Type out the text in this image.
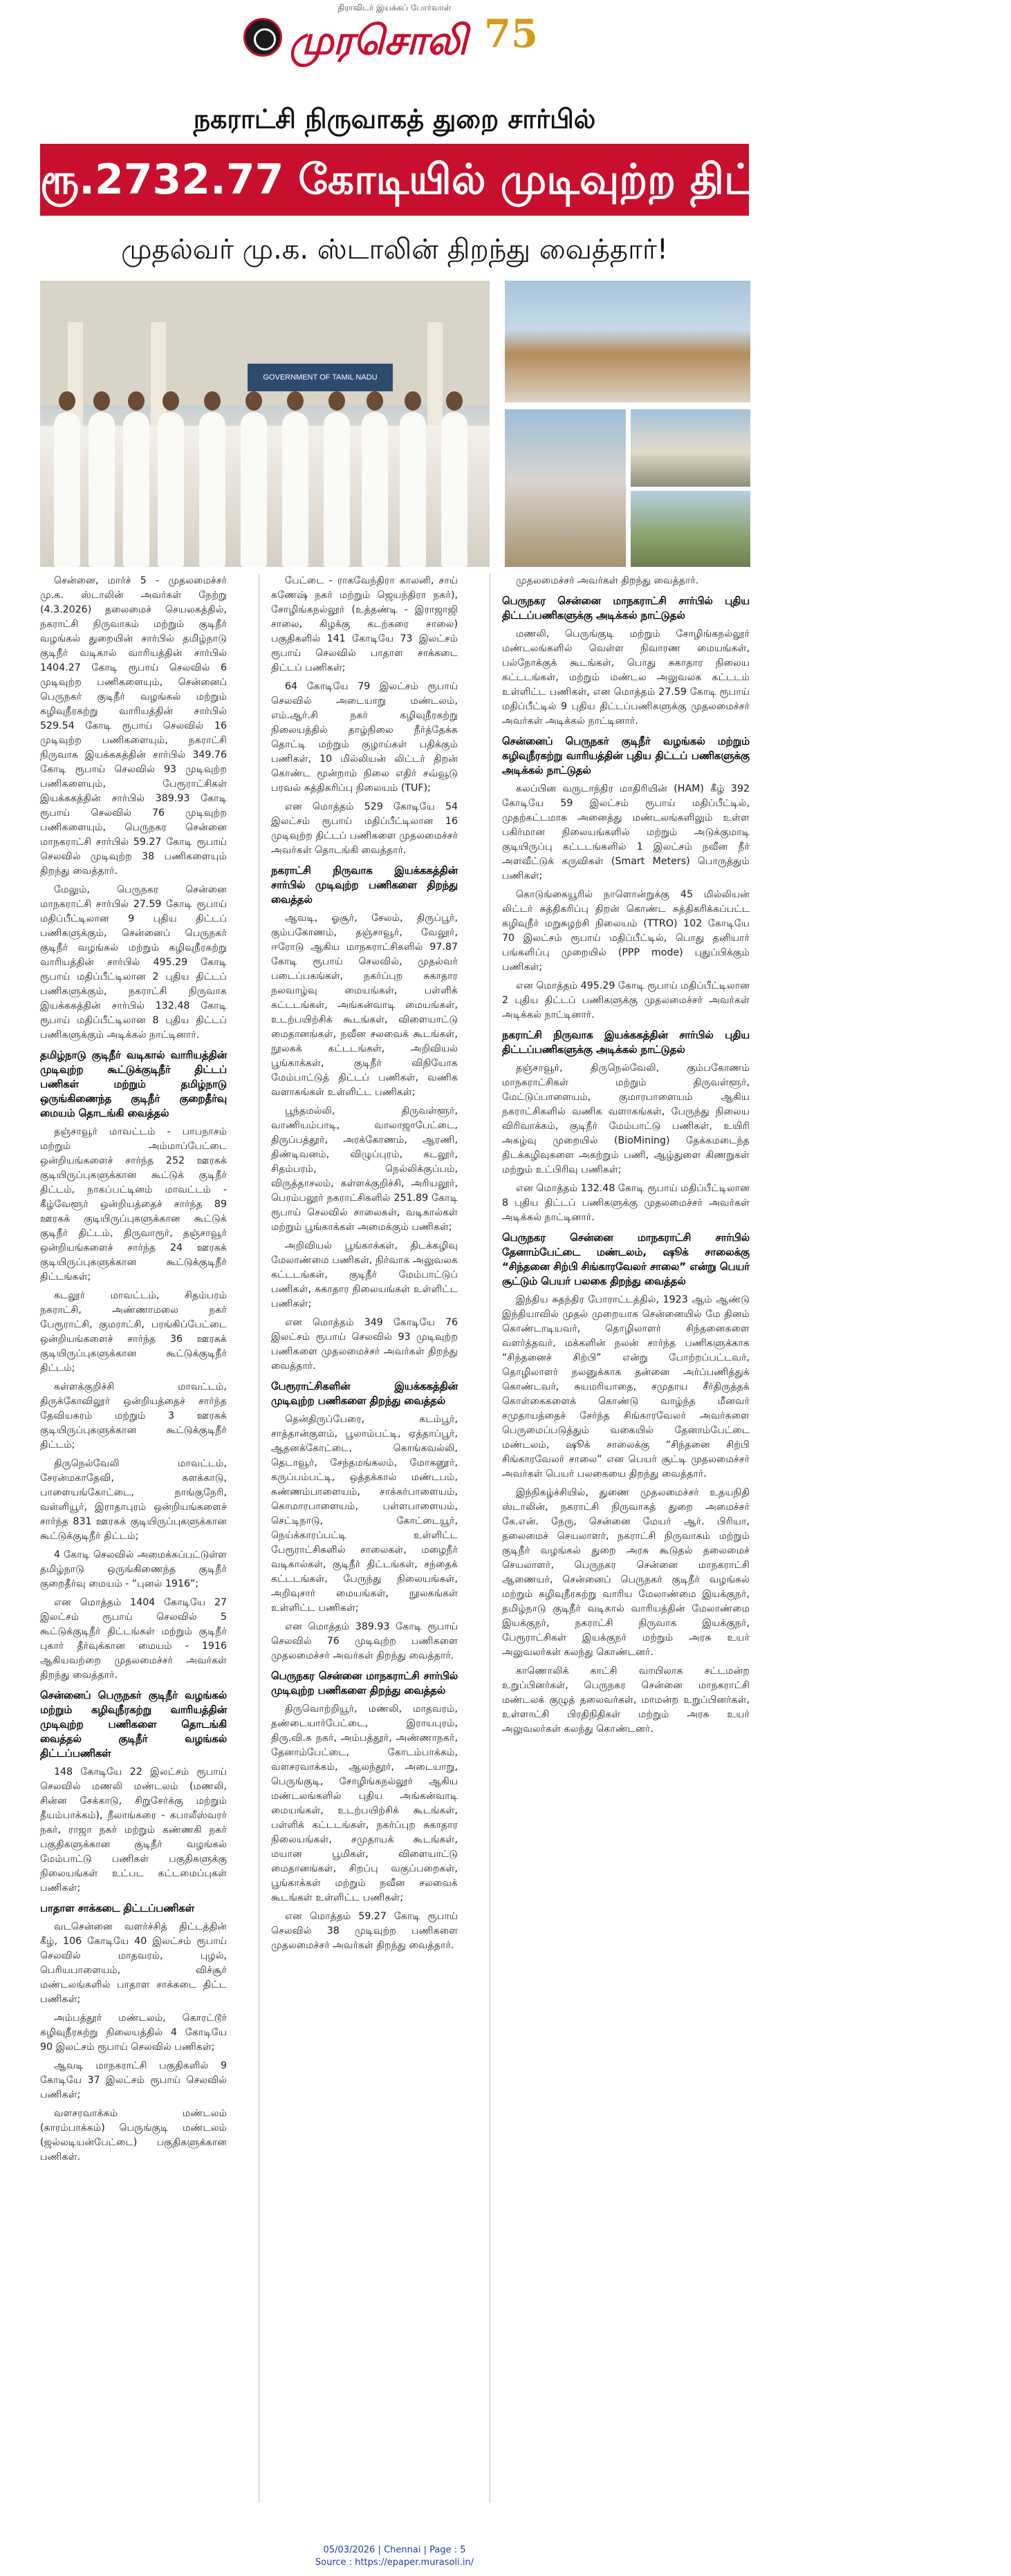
திராவிடர் இயக்கப் போர்வாள்
முரசொலி 75
நகராட்சி நிருவாகத் துறை சார்பில்
ரூ.2732.77 கோடியில் முடிவுற்ற திட்டப் பணிகள்!
முதல்வர் மு.க. ஸ்டாலின் திறந்து வைத்தார்!
GOVERNMENT OF TAMIL NADU

சென்னை, மார்ச் 5 - முதலமைச்சர் மு.க. ஸ்டாலின் அவர்கள் நேற்று (4.3.2026) தலைமைச் செயலகத்தில், நகராட்சி நிருவாகம் மற்றும் குடிநீர் வழங்கல் துறையின் சார்பில் தமிழ்நாடு குடிநீர் வடிகால் வாரியத்தின் சார்பில் 1404.27 கோடி ரூபாய் செலவில் 6 முடிவுற்ற பணிகளையும், சென்னைப் பெருநகர் குடிநீர் வழங்கல் மற்றும் கழிவுநீரகற்று வாரியத்தின் சார்பில் 529.54 கோடி ரூபாய் செலவில் 16 முடிவுற்ற பணிகளையும், நகராட்சி நிருவாக இயக்ககத்தின் சார்பில் 349.76 கோடி ரூபாய் செலவில் 93 முடிவுற்ற பணிகளையும், பேரூராட்சிகள் இயக்ககத்தின் சார்பில் 389.93 கோடி ரூபாய் செலவில் 76 முடிவுற்ற பணிகளையும், பெருநகர சென்னை மாநகராட்சி சார்பில் 59.27 கோடி ரூபாய் செலவில் முடிவுற்ற 38 பணிகளையும் திறந்து வைத்தார்.

மேலும், பெருநகர சென்னை மாநகராட்சி சார்பில் 27.59 கோடி ரூபாய் மதிப்பீட்டிலான 9 புதிய திட்டப் பணிகளுக்கும், சென்னைப் பெருநகர் குடிநீர் வழங்கல் மற்றும் கழிவுநீரகற்று வாரியத்தின் சார்பில் 495.29 கோடி ரூபாய் மதிப்பீட்டிலான 2 புதிய திட்டப் பணிகளுக்கும், நகராட்சி நிருவாக இயக்ககத்தின் சார்பில் 132.48 கோடி ரூபாய் மதிப்பீட்டிலான 8 புதிய திட்டப் பணிகளுக்கும் அடிக்கல் நாட்டினார்.

தமிழ்நாடு குடிநீர் வடிகால் வாரியத்தின் முடிவுற்ற கூட்டுக்குடிநீர் திட்டப் பணிகள் மற்றும் தமிழ்நாடு ஒருங்கிணைந்த குடிநீர் குறைதீர்வு மையம் தொடங்கி வைத்தல்

தஞ்சாவூர் மாவட்டம் - பாபநாசம் மற்றும் அம்மாப்பேட்டை ஒன்றியங்களைச் சார்ந்த 252 ஊரகக் குடியிருப்புகளுக்கான கூட்டுக் குடிநீர் திட்டம், நாகப்பட்டினம் மாவட்டம் - கீழ்வேளூர் ஒன்றியத்தைச் சார்ந்த 89 ஊரகக் குடியிருப்புகளுக்கான கூட்டுக் குடிநீர் திட்டம், திருவாரூர், தஞ்சாவூர் ஒன்றியங்களைச் சார்ந்த 24 ஊரகக் குடியிருப்புகளுக்கான கூட்டுக்குடிநீர் திட்டங்கள்;

கடலூர் மாவட்டம், சிதம்பரம் நகராட்சி, அண்ணாமலை நகர் பேரூராட்சி, குமராட்சி, பரங்கிப்பேட்டை ஒன்றியங்களைச் சார்ந்த 36 ஊரகக் குடியிருப்புகளுக்கான கூட்டுக்குடிநீர் திட்டம்;

கள்ளக்குறிச்சி மாவட்டம், திருக்கோவிலூர் ஒன்றியத்தைச் சார்ந்த தேவியகரம் மற்றும் 3 ஊரகக் குடியிருப்புகளுக்கான கூட்டுக்குடிநீர் திட்டம்;

திருநெல்வேலி மாவட்டம், சேரன்மகாதேவி, களக்காடு, பாளையங்கோட்டை, நாங்குநேரி, வள்ளியூர், இராதாபுரம் ஒன்றியங்களைச் சார்ந்த 831 ஊரகக் குடியிருப்புகளுக்கான கூட்டுக்குடிநீர் திட்டம்;

4 கோடி செலவில் அமைக்கப்பட்டுள்ள தமிழ்நாடு ஒருங்கிணைந்த குடிநீர் குறைதீர்வு மையம் - “புனல் 1916”;

என மொத்தம் 1404 கோடியே 27 இலட்சம் ரூபாய் செலவில் 5 கூட்டுக்குடிநீர் திட்டங்கள் மற்றும் குடிநீர் புகார் தீர்வுக்கான மையம் - 1916 ஆகியவற்றை முதலமைச்சர் அவர்கள் திறந்து வைத்தார்.

சென்னைப் பெருநகர் குடிநீர் வழங்கல் மற்றும் கழிவுநீரகற்று வாரியத்தின் முடிவுற்ற பணிகளை தொடங்கி வைத்தல் குடிநீர் வழங்கல் திட்டப்பணிகள்

148 கோடியே 22 இலட்சம் ரூபாய் செலவில் மணலி மண்டலம் (மணலி, சின்ன சேக்காடு, சிறுசேர்க்கு மற்றும் தீயம்பாக்கம்), நீலாங்கரை - கபாலீஸ்வரர் நகர், ராஜா நகர் மற்றும் கண்ணகி நகர் பகுதிகளுக்கான குடிநீர் வழங்கல் மேம்பாட்டு பணிகள் பகுதிகளுக்கு நிலையங்கள் உட்பட கட்டமைப்புகள் பணிகள்;

பாதாள சாக்கடை திட்டப்பணிகள்

வடசென்னை வளர்ச்சித் திட்டத்தின் கீழ், 106 கோடியே 40 இலட்சம் ரூபாய் செலவில் மாதவரம், புழல், பெரியபாளையம், விச்சூர் மண்டலங்களில் பாதாள சாக்கடை திட்ட பணிகள்;

அம்பத்தூர் மண்டலம், கொரட்டூர் கழிவுநீரகற்று நிலையத்தில் 4 கோடியே 90 இலட்சம் ரூபாய் செலவில் பணிகள்;

ஆவடி மாநகராட்சி பகுதிகளில் 9 கோடியே 37 இலட்சம் ரூபாய் செலவில் பணிகள்;

வளசரவாக்கம் மண்டலம் (காரம்பாக்கம்) பெருங்குடி மண்டலம் (ஜல்லடியன்பேட்டை) பகுதிகளுக்கான பணிகள்.

பேட்டை - ராகவேந்திரா காலனி, சாய் கணேஷ் நகர் மற்றும் ஜெயந்திரா நகர்), சோழிங்கநல்லூர் (உத்தண்டி - இராஜாஜி சாலை, கிழக்கு கடற்கரை சாலை) பகுதிகளில் 141 கோடியே 73 இலட்சம் ரூபாய் செலவில் பாதாள சாக்கடை திட்டப் பணிகள்;

64 கோடியே 79 இலட்சம் ரூபாய் செலவில் அடையாறு மண்டலம், எம்.ஆர்.சி நகர் கழிவுநீரகற்று நிலையத்தில் தாழ்நிலை நீர்த்தேக்க தொட்டி மற்றும் குழாய்கள் பதிக்கும் பணிகள், 10 மில்லியன் லிட்டர் திறன் கொண்ட மூன்றாம் நிலை எதிர் சவ்வூடு பரவல் சுத்திகரிப்பு நிலையம் (TUF);

என மொத்தம் 529 கோடியே 54 இலட்சம் ரூபாய் மதிப்பீட்டிலான 16 முடிவுற்ற திட்டப் பணிகளை முதலமைச்சர் அவர்கள் தொடங்கி வைத்தார்.

நகராட்சி நிருவாக இயக்ககத்தின் சார்பில் முடிவுற்ற பணிகளை திறந்து வைத்தல்

ஆவடி, ஓசூர், சேலம், திருப்பூர், கும்பகோணம், தஞ்சாவூர், வேலூர், ஈரோடு ஆகிய மாநகராட்சிகளில் 97.87 கோடி ரூபாய் செலவில், முதல்வர் படைப்பகங்கள், நகர்ப்புற சுகாதார நலவாழ்வு மையங்கள், பள்ளிக் கட்டடங்கள், அங்கன்வாடி மையங்கள், உடற்பயிற்சிக் கூடங்கள், விளையாட்டு மைதானங்கள், நவீன சலவைக் கூடங்கள், நூலகக் கட்டடங்கள், அறிவியல் பூங்காக்கள், குடிநீர் விநியோக மேம்பாட்டுத் திட்டப் பணிகள், வணிக வளாகங்கள் உள்ளிட்ட பணிகள்;

பூந்தமல்லி, திருவள்ளூர், வாணியம்பாடி, வாலாஜாபேட்டை, திருப்பத்தூர், அரக்கோணம், ஆரணி, திண்டிவனம், விழுப்புரம், கடலூர், சிதம்பரம், நெல்லிக்குப்பம், விருத்தாசலம், கள்ளக்குறிச்சி, அரியலூர், பெரம்பலூர் நகராட்சிகளில் 251.89 கோடி ரூபாய் செலவில் சாலைகள், வடிகால்கள் மற்றும் பூங்காக்கள் அமைக்கும் பணிகள்;

அறிவியல் பூங்காக்கள், திடக்கழிவு மேலாண்மை பணிகள், நிர்வாக அலுவலக கட்டடங்கள், குடிநீர் மேம்பாட்டுப் பணிகள், சுகாதார நிலையங்கள் உள்ளிட்ட பணிகள்;

என மொத்தம் 349 கோடியே 76 இலட்சம் ரூபாய் செலவில் 93 முடிவுற்ற பணிகளை முதலமைச்சர் அவர்கள் திறந்து வைத்தார்.

பேரூராட்சிகளின் இயக்ககத்தின் முடிவுற்ற பணிகளை திறந்து வைத்தல்

தென்திருப்பேரை, கடம்பூர், சாத்தான்குளம், பூலாம்பட்டி, ஏத்தாப்பூர், ஆதனக்கோட்டை, கொங்கவல்லி, தெடாவூர், சேந்தமங்கலம், மோகனூர், கருப்பம்பட்டி, ஒத்தக்கால் மண்டபம், கண்ணம்பாளையம், சாக்கர்பாளையம், கொமாரபாளையம், பள்ளபாளையம், செட்டிநாடு, கோட்டையூர், நெய்க்காரப்பட்டி உள்ளிட்ட பேரூராட்சிகளில் சாலைகள், மழைநீர் வடிகால்கள், குடிநீர் திட்டங்கள், சந்தைக் கட்டடங்கள், பேருந்து நிலையங்கள், அறிவுசார் மையங்கள், நூலகங்கள் உள்ளிட்ட பணிகள்;

என மொத்தம் 389.93 கோடி ரூபாய் செலவில் 76 முடிவுற்ற பணிகளை முதலமைச்சர் அவர்கள் திறந்து வைத்தார்.

பெருநகர சென்னை மாநகராட்சி சார்பில் முடிவுற்ற பணிகளை திறந்து வைத்தல்

திருவொற்றியூர், மணலி, மாதவரம், தண்டையார்பேட்டை, இராயபுரம், திரு.வி.க நகர், அம்பத்தூர், அண்ணாநகர், தேனாம்பேட்டை, கோடம்பாக்கம், வளசரவாக்கம், ஆலந்தூர், அடையாறு, பெருங்குடி, சோழிங்கநல்லூர் ஆகிய மண்டலங்களில் புதிய அங்கன்வாடி மையங்கள், உடற்பயிற்சிக் கூடங்கள், பள்ளிக் கட்டடங்கள், நகர்ப்புற சுகாதார நிலையங்கள், சமுதாயக் கூடங்கள், மயான பூமிகள், விளையாட்டு மைதானங்கள், சிறப்பு வகுப்பறைகள், பூங்காக்கள் மற்றும் நவீன சலவைக் கூடங்கள் உள்ளிட்ட பணிகள்;

என மொத்தம் 59.27 கோடி ரூபாய் செலவில் 38 முடிவுற்ற பணிகளை முதலமைச்சர் அவர்கள் திறந்து வைத்தார்.

முதலமைச்சர் அவர்கள் திறந்து வைத்தார்.

பெருநகர சென்னை மாநகராட்சி சார்பில் புதிய திட்டப்பணிகளுக்கு அடிக்கல் நாட்டுதல்

மணலி, பெருங்குடி மற்றும் சோழிங்கநல்லூர் மண்டலங்களில் வெள்ள நிவாரண மையங்கள், பல்நோக்குக் கூடங்கள், பொது சுகாதார நிலைய கட்டடங்கள், மற்றும் மண்டல அலுவலக கட்டடம் உள்ளிட்ட பணிகள், என மொத்தம் 27.59 கோடி ரூபாய் மதிப்பீட்டில் 9 புதிய திட்டப்பணிகளுக்கு முதலமைச்சர் அவர்கள் அடிக்கல் நாட்டினார்.

சென்னைப் பெருநகர் குடிநீர் வழங்கல் மற்றும் கழிவுநீரகற்று வாரியத்தின் புதிய திட்டப் பணிகளுக்கு அடிக்கல் நாட்டுதல்

கலப்பின வருடாந்திர மாதிரியின் (HAM) கீழ் 392 கோடியே 59 இலட்சம் ரூபாய் மதிப்பீட்டில், முதற்கட்டமாக அனைத்து மண்டலங்களிலும் உள்ள பகிர்மான நிலையங்களில் மற்றும் அடுக்குமாடி குடியிருப்பு கட்டடங்களில் 1 இலட்சம் நவீன நீர் அளவீட்டுக் கருவிகள் (Smart Meters) பொருத்தும் பணிகள்;

கொடுங்கையூரில் நாளொன்றுக்கு 45 மில்லியன் லிட்டர் சுத்திகரிப்பு திறன் கொண்ட சுத்திகரிக்கப்பட்ட கழிவுநீர் மறுசுழற்சி நிலையம் (TTRO) 102 கோடியே 70 இலட்சம் ரூபாய் மதிப்பீட்டில், பொது தனியார் பங்களிப்பு முறையில் (PPP mode) புதுப்பிக்கும் பணிகள்;

என மொத்தம் 495.29 கோடி ரூபாய் மதிப்பீட்டிலான 2 புதிய திட்டப் பணிகளுக்கு முதலமைச்சர் அவர்கள் அடிக்கல் நாட்டினார்.

நகராட்சி நிருவாக இயக்ககத்தின் சார்பில் புதிய திட்டப்பணிகளுக்கு அடிக்கல் நாட்டுதல்

தஞ்சாவூர், திருநெல்வேலி, கும்பகோணம் மாநகராட்சிகள் மற்றும் திருவள்ளூர், மேட்டுப்பாளையம், குமாரபாளையம் ஆகிய நகராட்சிகளில் வணிக வளாகங்கள், பேருந்து நிலைய விரிவாக்கம், குடிநீர் மேம்பாட்டு பணிகள், உயிரி அகழ்வு முறையில் (BioMining) தேக்கமடைந்த திடக்கழிவுகளை அகற்றும் பணி, ஆழ்துளை கிணறுகள் மற்றும் உட்பிரிவு பணிகள்;

என மொத்தம் 132.48 கோடி ரூபாய் மதிப்பீட்டிலான 8 புதிய திட்டப் பணிகளுக்கு முதலமைச்சர் அவர்கள் அடிக்கல் நாட்டினார்.

பெருநகர சென்னை மாநகராட்சி சார்பில் தேனாம்பேட்டை மண்டலம், ஷூக் சாலைக்கு “சிந்தனை சிற்பி சிங்காரவேலர் சாலை” என்று பெயர் சூட்டும் பெயர் பலகை திறந்து வைத்தல்

இந்திய சுதந்திர போராட்டத்தில், 1923 ஆம் ஆண்டு இந்தியாவில் முதல் முறையாக சென்னையில் மே தினம் கொண்டாடியவர், தொழிலாளர் சிந்தனைகளை வளர்த்தவர், மக்களின் நலன் சார்ந்த பணிகளுக்காக “சிந்தனைச் சிற்பி” என்று போற்றப்பட்டவர், தொழிலாளர் நலனுக்காக தன்னை அர்ப்பணித்துக் கொண்டவர், சுயமரியாதை, சமுதாய சீர்திருத்தக் கொள்கைகளைக் கொண்டு வாழ்ந்த மீனவர் சமுதாயத்தைச் சேர்ந்த சிங்காரவேலர் அவர்களை பெருமைப்படுத்தும் வகையில் தேனாம்பேட்டை மண்டலம், ஷூக் சாலைக்கு “சிந்தனை சிற்பி சிங்காரவேலர் சாலை” என பெயர் சூட்டி முதலமைச்சர் அவர்கள் பெயர் பலகையை திறந்து வைத்தார்.

இந்நிகழ்ச்சியில், துணை முதலமைச்சர் உதயநிதி ஸ்டாலின், நகராட்சி நிருவாகத் துறை அமைச்சர் கே.என். நேரு, சென்னை மேயர் ஆர். பிரியா, தலைமைச் செயலாளர், நகராட்சி நிருவாகம் மற்றும் குடிநீர் வழங்கல் துறை அரசு கூடுதல் தலைமைச் செயலாளர், பெருநகர சென்னை மாநகராட்சி ஆணையர், சென்னைப் பெருநகர் குடிநீர் வழங்கல் மற்றும் கழிவுநீரகற்று வாரிய மேலாண்மை இயக்குநர், தமிழ்நாடு குடிநீர் வடிகால் வாரியத்தின் மேலாண்மை இயக்குநர், நகராட்சி நிருவாக இயக்குநர், பேரூராட்சிகள் இயக்குநர் மற்றும் அரசு உயர் அலுவலர்கள் கலந்து கொண்டனர்.

காணொலிக் காட்சி வாயிலாக சட்டமன்ற உறுப்பினர்கள், பெருநகர சென்னை மாநகராட்சி மண்டலக் குழுத் தலைவர்கள், மாமன்ற உறுப்பினர்கள், உள்ளாட்சி பிரதிநிதிகள் மற்றும் அரசு உயர் அலுவலர்கள் கலந்து கொண்டனர்.

05/03/2026 | Chennai | Page : 5
Source : https://epaper.murasoli.in/
